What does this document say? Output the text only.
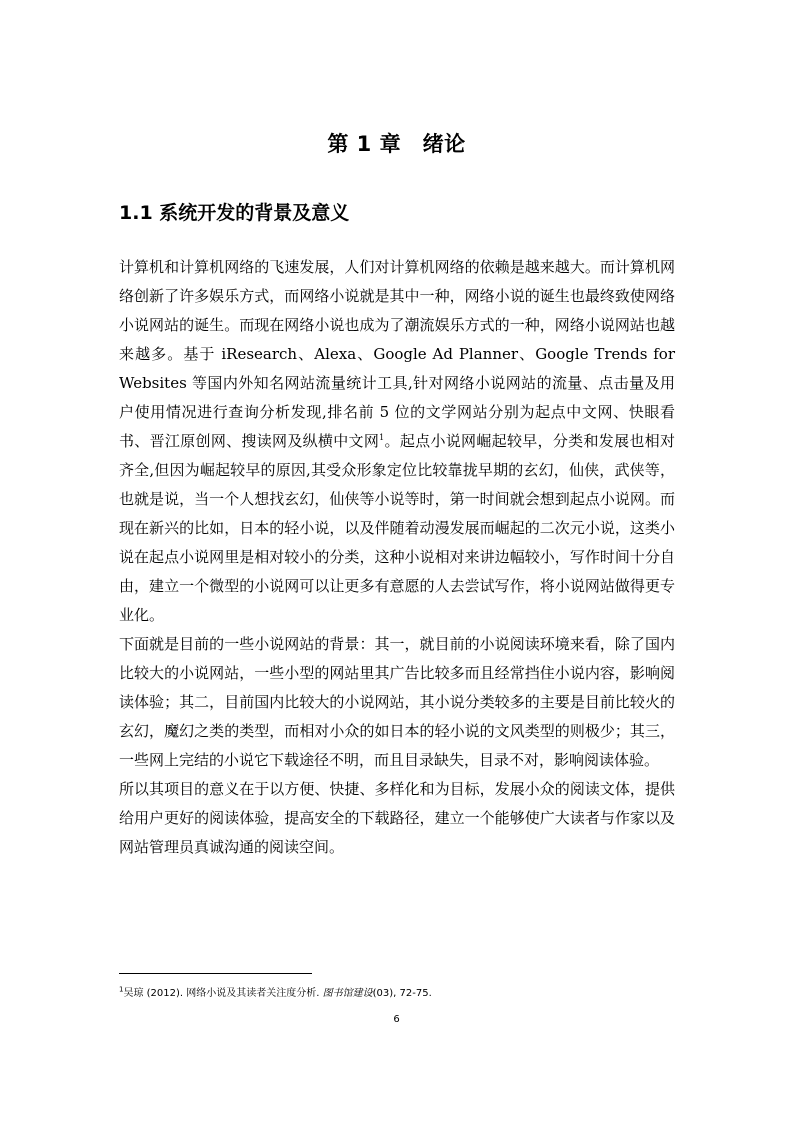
第 1 章　绪论
1.1 系统开发的背景及意义

计算机和计算机网络的飞速发展，人们对计算机网络的依赖是越来越大。而计算机网络创新了许多娱乐方式，而网络小说就是其中一种，网络小说的诞生也最终致使网络小说网站的诞生。而现在网络小说也成为了潮流娱乐方式的一种，网络小说网站也越来越多。基于 iResearch、Alexa、Google Ad Planner、Google Trends for Websites 等国内外知名网站流量统计工具,针对网络小说网站的流量、点击量及用户使用情况进行查询分析发现,排名前 5 位的文学网站分别为起点中文网、快眼看书、晋江原创网、搜读网及纵横中文网$^1$。起点小说网崛起较早，分类和发展也相对齐全,但因为崛起较早的原因,其受众形象定位比较靠拢早期的玄幻，仙侠，武侠等，也就是说，当一个人想找玄幻，仙侠等小说等时，第一时间就会想到起点小说网。而现在新兴的比如，日本的轻小说，以及伴随着动漫发展而崛起的二次元小说，这类小说在起点小说网里是相对较小的分类，这种小说相对来讲边幅较小，写作时间十分自由，建立一个微型的小说网可以让更多有意愿的人去尝试写作，将小说网站做得更专业化。

下面就是目前的一些小说网站的背景：其一，就目前的小说阅读环境来看，除了国内比较大的小说网站，一些小型的网站里其广告比较多而且经常挡住小说内容，影响阅读体验；其二，目前国内比较大的小说网站，其小说分类较多的主要是目前比较火的玄幻，魔幻之类的类型，而相对小众的如日本的轻小说的文风类型的则极少；其三，一些网上完结的小说它下载途径不明，而且目录缺失，目录不对，影响阅读体验。

所以其项目的意义在于以方便、快捷、多样化和为目标，发展小众的阅读文体，提供给用户更好的阅读体验，提高安全的下载路径，建立一个能够使广大读者与作家以及网站管理员真诚沟通的阅读空间。

$^1$吴琼 (2012). 网络小说及其读者关注度分析. 图书馆建设(03), 72-75.
6
